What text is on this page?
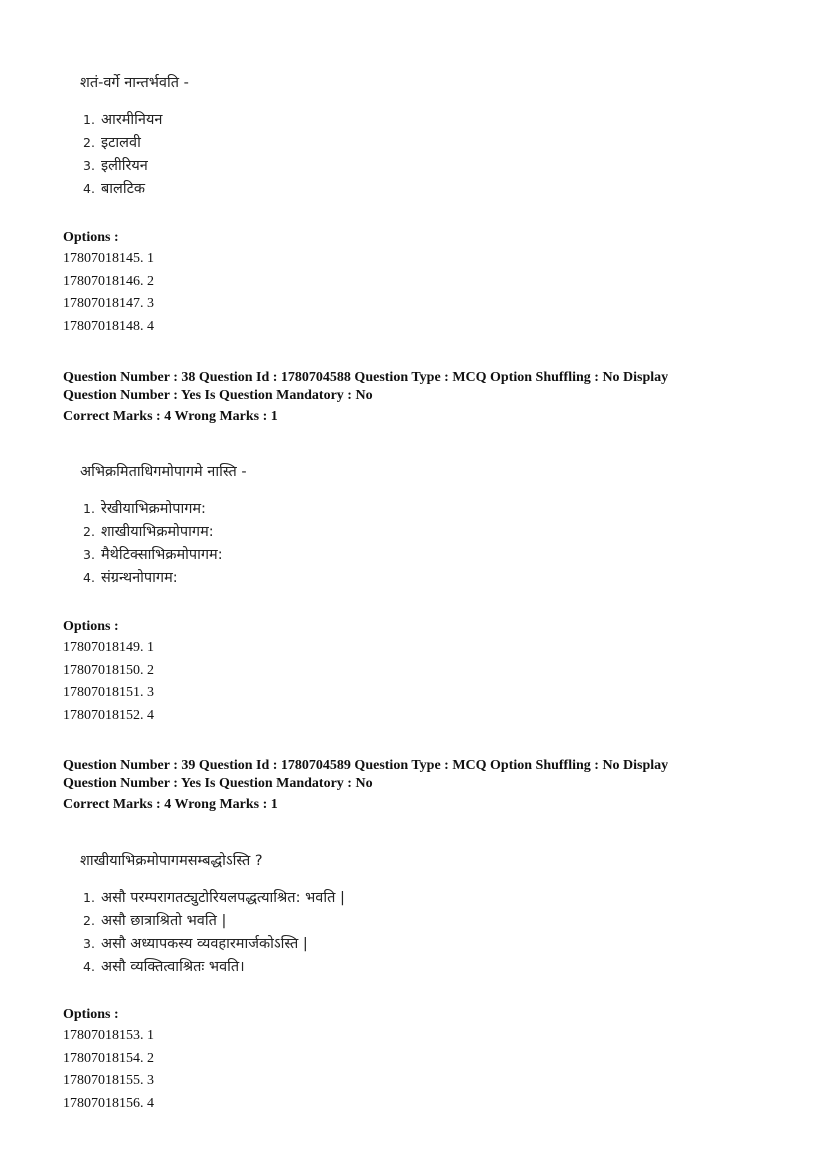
शतं-वर्गे नान्तर्भवति -

1. आरमीनियन
2. इटालवी
3. इलीरियन
4. बालटिक

Options :

17807018145. 1
17807018146. 2
17807018147. 3
17807018148. 4
Question Number : 38 Question Id : 1780704588 Question Type : MCQ Option Shuffling : No Display
Question Number : Yes Is Question Mandatory : No
Correct Marks : 4 Wrong Marks : 1

अभिक्रमिताधिगमोपागमे नास्ति -

1. रेखीयाभिक्रमोपागम:
2. शाखीयाभिक्रमोपागम:
3. मैथेटिक्साभिक्रमोपागम:
4. संग्रन्थनोपागम:

Options :

17807018149. 1
17807018150. 2
17807018151. 3
17807018152. 4
Question Number : 39 Question Id : 1780704589 Question Type : MCQ Option Shuffling : No Display
Question Number : Yes Is Question Mandatory : No
Correct Marks : 4 Wrong Marks : 1

शाखीयाभिक्रमोपागमसम्बद्धोऽस्ति ?

1. असौ परम्परागतट्युटोरियलपद्धत्याश्रित: भवति |
2. असौ छात्राश्रितो भवति |
3. असौ अध्यापकस्य व्यवहारमार्जकोऽस्ति |
4. असौ व्यक्तित्वाश्रितः भवति।

Options :

17807018153. 1
17807018154. 2
17807018155. 3
17807018156. 4
